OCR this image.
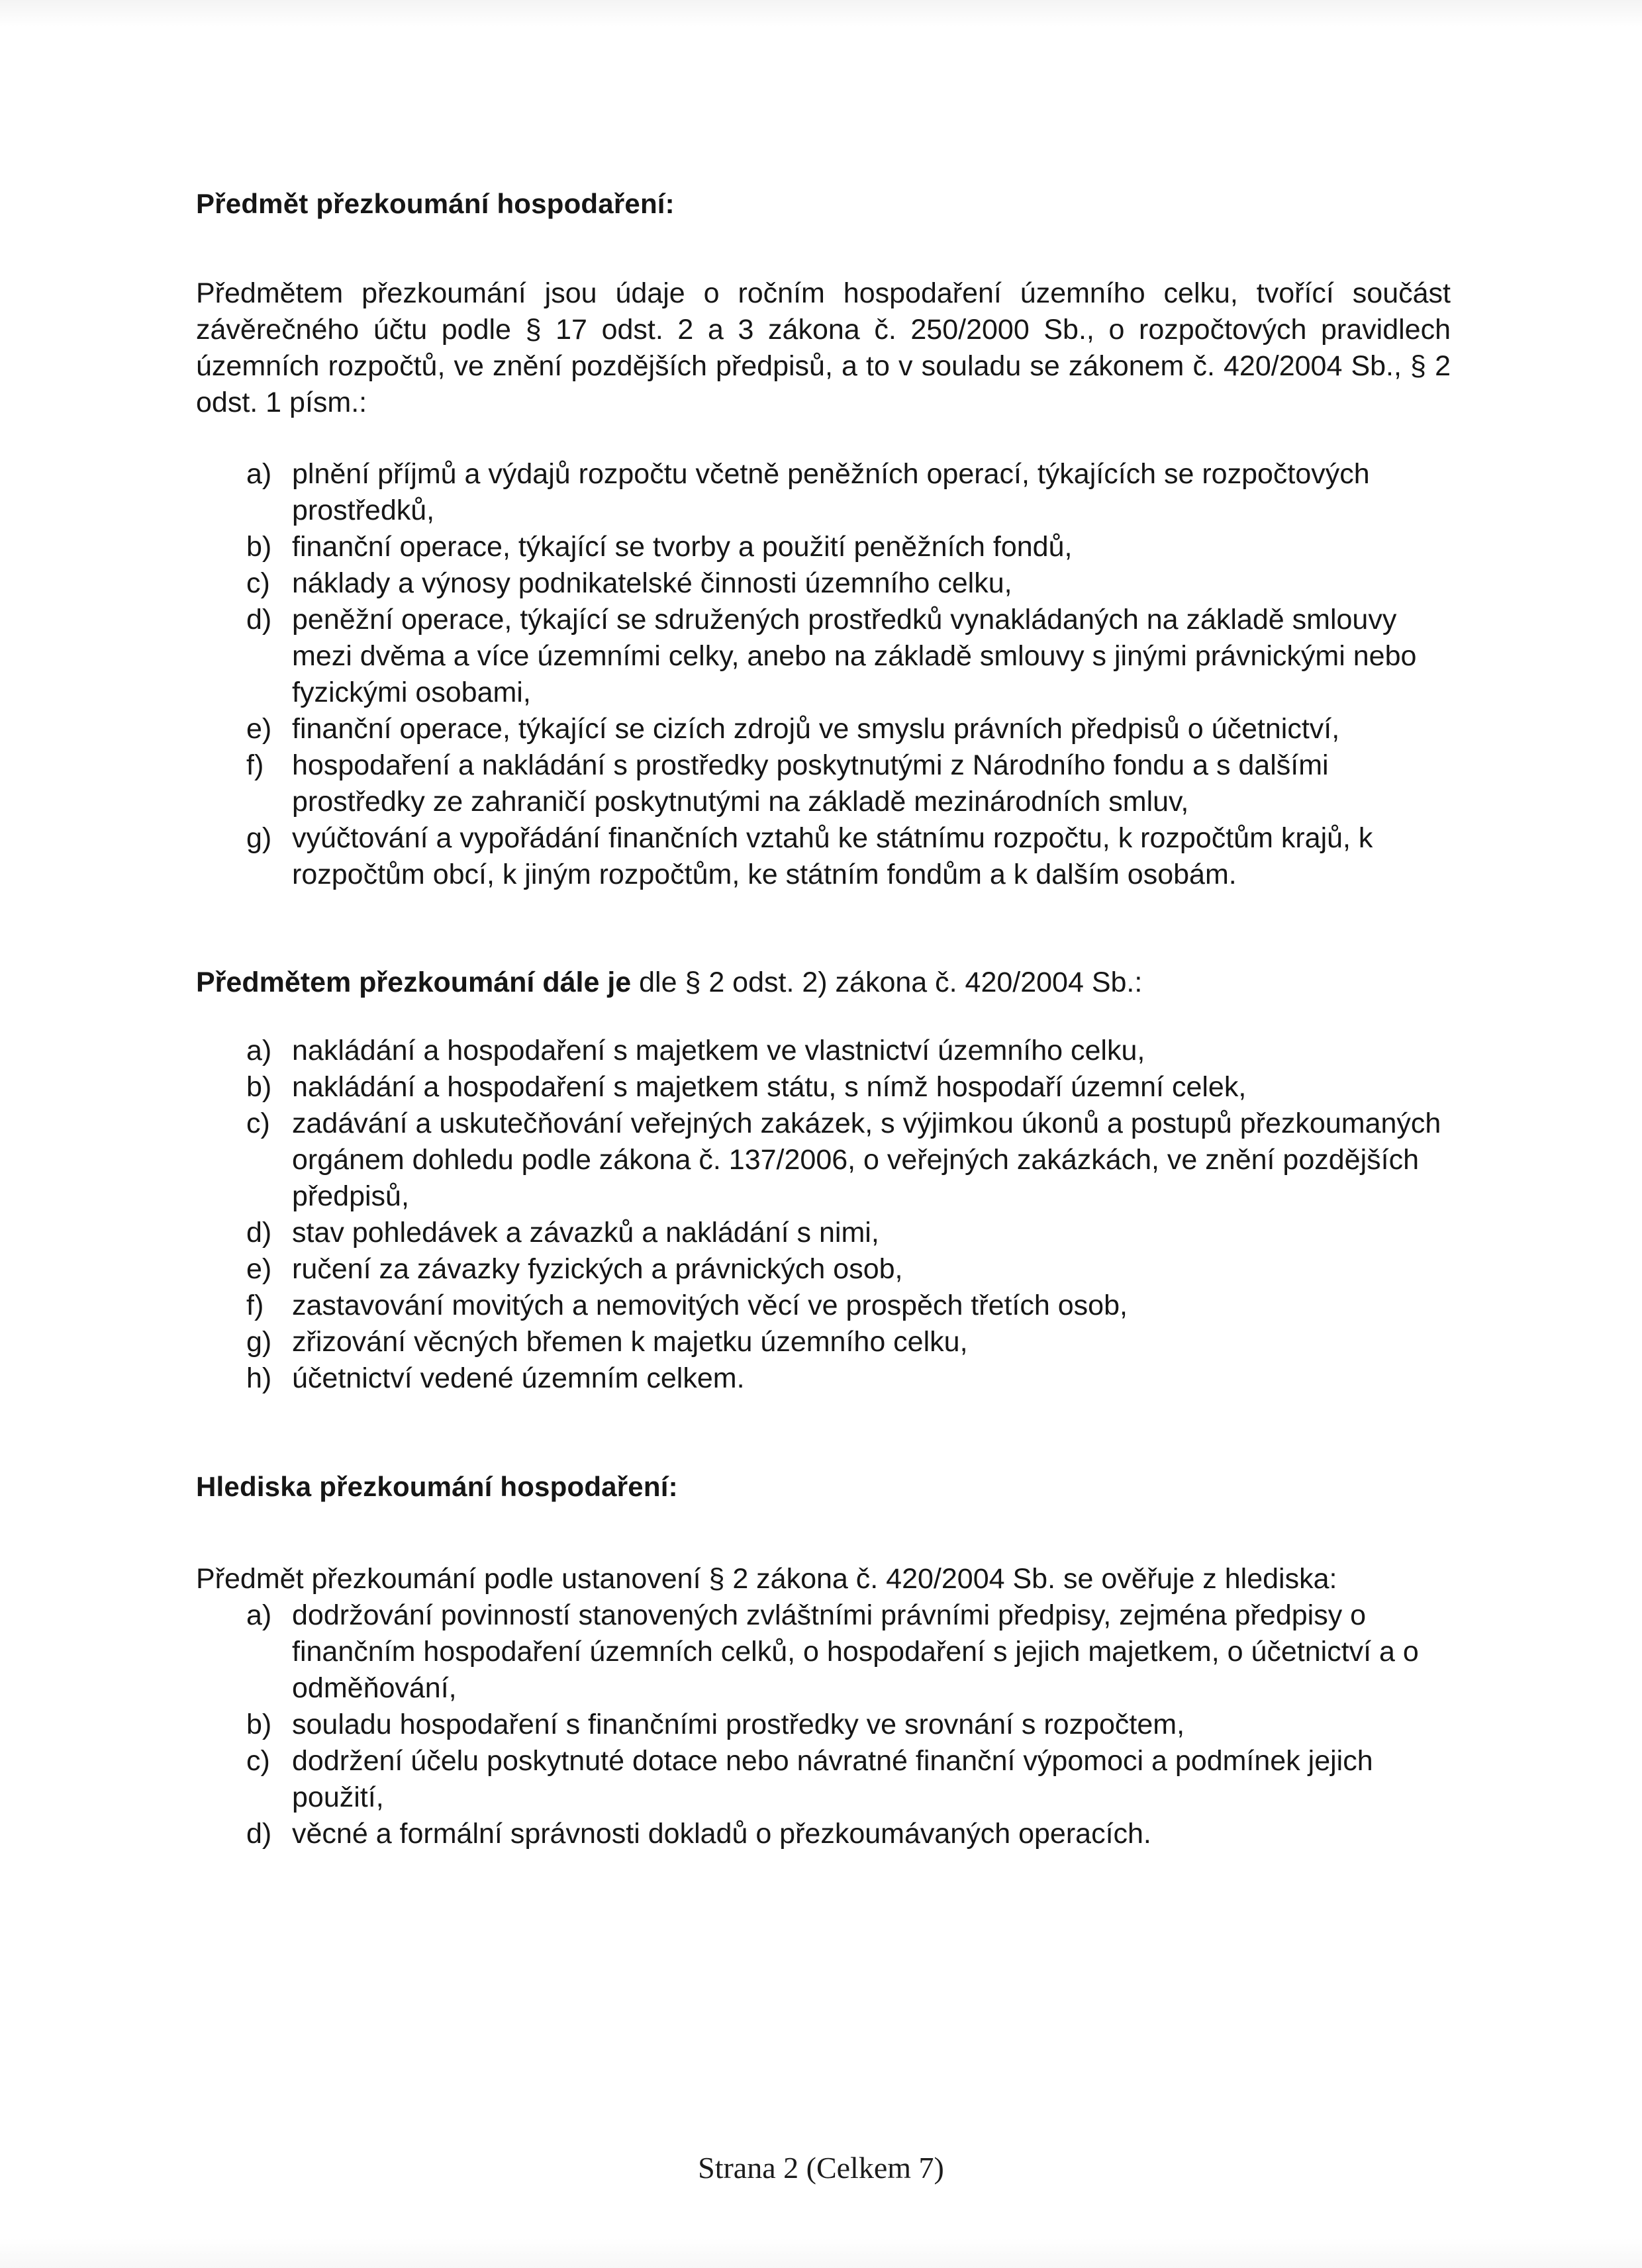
Předmět přezkoumání hospodaření:

Předmětem přezkoumání jsou údaje o ročním hospodaření územního celku, tvořící součást závěrečného účtu podle § 17 odst. 2 a 3 zákona č. 250/2000 Sb., o rozpočtových pravidlech územních rozpočtů, ve znění pozdějších předpisů, a to v souladu se zákonem č. 420/2004 Sb., § 2 odst. 1 písm.:

a) plnění příjmů a výdajů rozpočtu včetně peněžních operací, týkajících se rozpočtových prostředků,
b) finanční operace, týkající se tvorby a použití peněžních fondů,
c) náklady a výnosy podnikatelské činnosti územního celku,
d) peněžní operace, týkající se sdružených prostředků vynakládaných na základě smlouvy mezi dvěma a více územními celky, anebo na základě smlouvy s jinými právnickými nebo fyzickými osobami,
e) finanční operace, týkající se cizích zdrojů ve smyslu právních předpisů o účetnictví,
f) hospodaření a nakládání s prostředky poskytnutými z Národního fondu a s dalšími prostředky ze zahraničí poskytnutými na základě mezinárodních smluv,
g) vyúčtování a vypořádání finančních vztahů ke státnímu rozpočtu, k rozpočtům krajů, k rozpočtům obcí, k jiným rozpočtům, ke státním fondům a k dalším osobám.

Předmětem přezkoumání dále je dle § 2 odst. 2) zákona č. 420/2004 Sb.:

a) nakládání a hospodaření s majetkem ve vlastnictví územního celku,
b) nakládání a hospodaření s majetkem státu, s nímž hospodaří územní celek,
c) zadávání a uskutečňování veřejných zakázek, s výjimkou úkonů a postupů přezkoumaných orgánem dohledu podle zákona č. 137/2006, o veřejných zakázkách, ve znění pozdějších předpisů,
d) stav pohledávek a závazků a nakládání s nimi,
e) ručení za závazky fyzických a právnických osob,
f) zastavování movitých a nemovitých věcí ve prospěch třetích osob,
g) zřizování věcných břemen k majetku územního celku,
h) účetnictví vedené územním celkem.
Hlediska přezkoumání hospodaření:

Předmět přezkoumání podle ustanovení § 2 zákona č. 420/2004 Sb. se ověřuje z hlediska:

a) dodržování povinností stanovených zvláštními právními předpisy, zejména předpisy o finančním hospodaření územních celků, o hospodaření s jejich majetkem, o účetnictví a o odměňování,
b) souladu hospodaření s finančními prostředky ve srovnání s rozpočtem,
c) dodržení účelu poskytnuté dotace nebo návratné finanční výpomoci a podmínek jejich použití,
d) věcné a formální správnosti dokladů o přezkoumávaných operacích.
Strana 2 (Celkem 7)
